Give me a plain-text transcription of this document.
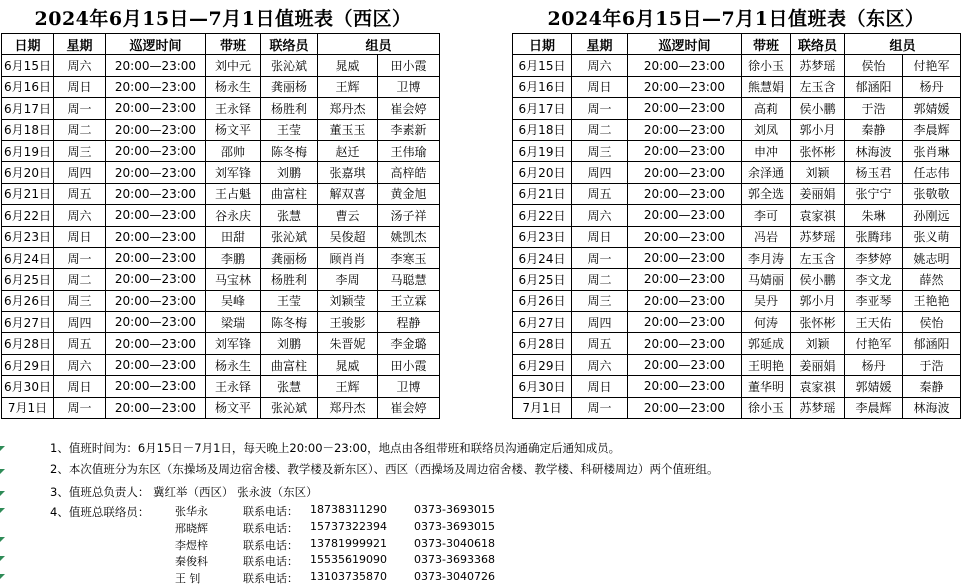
2024年6月15日—7月1日值班表（西区）	2024年6月15日—7月1日值班表（东区）
日期	星期	巡逻时间	带班	联络员	组员	
6月15日	周六	20:00—23:00	刘中元	张沁斌	晁威	田小霞
6月16日	周日	20:00—23:00	杨永生	龚丽杨	王辉	卫博
6月17日	周一	20:00—23:00	王永铎	杨胜利	郑丹杰	崔会婷
6月18日	周二	20:00—23:00	杨文平	王莹	董玉玉	李素新
6月19日	周三	20:00—23:00	邵帅	陈冬梅	赵迁	王伟瑜
6月20日	周四	20:00—23:00	刘军锋	刘鹏	张嘉琪	高梓皓
6月21日	周五	20:00—23:00	王占魁	曲富柱	解双喜	黄金旭
6月22日	周六	20:00—23:00	谷永庆	张慧	曹云	汤子祥
6月23日	周日	20:00—23:00	田甜	张沁斌	吴俊超	姚凯杰
6月24日	周一	20:00—23:00	李鹏	龚丽杨	顾肖肖	李寒玉
6月25日	周二	20:00—23:00	马宝林	杨胜利	李周	马聪慧
6月26日	周三	20:00—23:00	吴峰	王莹	刘颖莹	王立霖
6月27日	周四	20:00—23:00	梁瑞	陈冬梅	王骏影	程静
6月28日	周五	20:00—23:00	刘军锋	刘鹏	朱晋妮	李金璐
6月29日	周六	20:00—23:00	杨永生	曲富柱	晁威	田小霞
6月30日	周日	20:00—23:00	王永铎	张慧	王辉	卫博
7月1日	周一	20:00—23:00	杨文平	张沁斌	郑丹杰	崔会婷
日期	星期	巡逻时间	带班	联络员	组员	
6月15日	周六	20:00—23:00	徐小玉	苏梦瑶	侯怡	付艳军
6月16日	周日	20:00—23:00	熊慧娟	左玉含	郁涵阳	杨丹
6月17日	周一	20:00—23:00	高莉	侯小鹏	于浩	郭婧媛
6月18日	周二	20:00—23:00	刘凤	郭小月	秦静	李晨辉
6月19日	周三	20:00—23:00	申冲	张怀彬	林海波	张肖琳
6月20日	周四	20:00—23:00	余泽通	刘颖	杨玉君	任志伟
6月21日	周五	20:00—23:00	郭全选	姜丽娟	张宁宁	张敬敬
6月22日	周六	20:00—23:00	李可	袁家祺	朱琳	孙刚远
6月23日	周日	20:00—23:00	冯岩	苏梦瑶	张腾玮	张义萌
6月24日	周一	20:00—23:00	李月涛	左玉含	李梦婷	姚志明
6月25日	周二	20:00—23:00	马婧丽	侯小鹏	李文龙	薛然
6月26日	周三	20:00—23:00	吴丹	郭小月	李亚琴	王艳艳
6月27日	周四	20:00—23:00	何涛	张怀彬	王天佑	侯怡
6月28日	周五	20:00—23:00	郭延成	刘颖	付艳军	郁涵阳
6月29日	周六	20:00—23:00	王明艳	姜丽娟	杨丹	于浩
6月30日	周日	20:00—23:00	董华明	袁家祺	郭婧媛	秦静
7月1日	周一	20:00—23:00	徐小玉	苏梦瑶	李晨辉	林海波
1、值班时间为：6月15日－7月1日，每天晚上20:00－23:00，地点由各组带班和联络员沟通确定后通知成员。
2、本次值班分为东区（东操场及周边宿舍楼、教学楼及新东区）、西区（西操场及周边宿舍楼、教学楼、科研楼周边）两个值班组。
3、值班总负责人： 冀红举（西区） 张永波（东区）
4、值班总联络员： 张华永	联系电话： 18738311290 0373-3693015
邢晓辉	联系电话： 15737322394 0373-3693015
李煜梓	联系电话： 13781999921 0373-3040618
秦俊科	联系电话： 15535619090 0373-3693368
王 钊	联系电话： 13103735870 0373-3040726
